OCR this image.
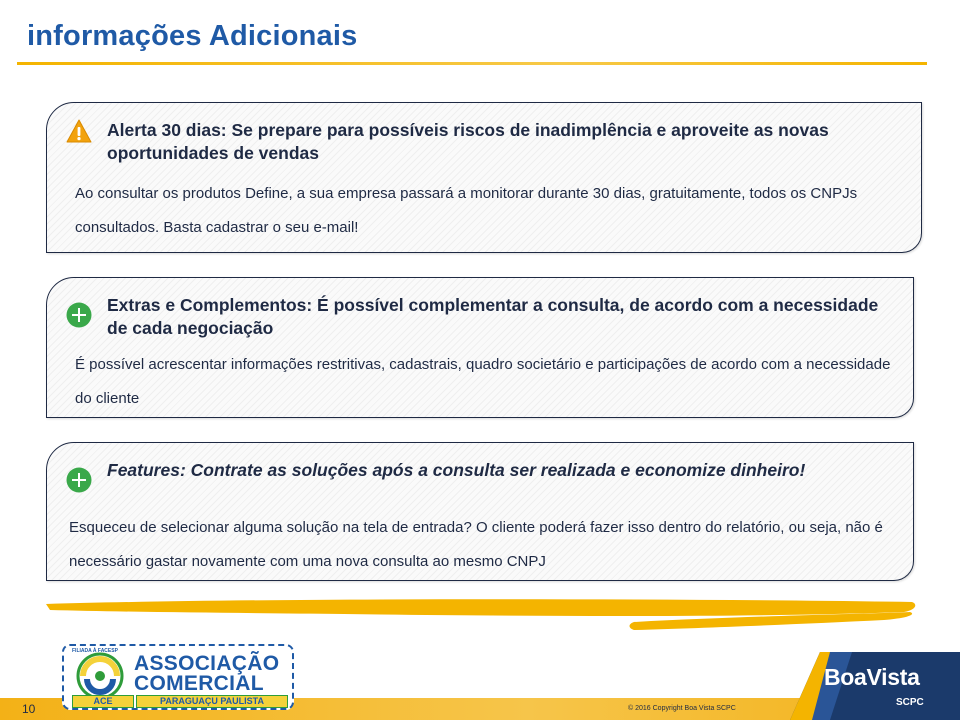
informações Adicionais
Alerta 30 dias: Se prepare para possíveis riscos de inadimplência e aproveite as novas oportunidades de vendas
Ao consultar os produtos Define, a sua empresa passará a monitorar durante 30 dias, gratuitamente, todos os CNPJs consultados. Basta cadastrar o seu e-mail!
Extras e Complementos: É possível complementar a consulta, de acordo com a necessidade de cada negociação
É possível acrescentar informações restritivas, cadastrais, quadro societário e participações de acordo com a necessidade do cliente
Features: Contrate as soluções após a consulta ser realizada e economize dinheiro!
Esqueceu de selecionar alguma solução na tela de entrada? O cliente poderá fazer isso dentro do relatório, ou seja, não é necessário gastar novamente com uma nova consulta ao mesmo CNPJ
10	© 2016 Copyright Boa Vista SCPC
FILIADA À FACESP
ASSOCIAÇÃO
COMERCIAL
ACE	PARAGUAÇU PAULISTA
BoaVista
SCPC
